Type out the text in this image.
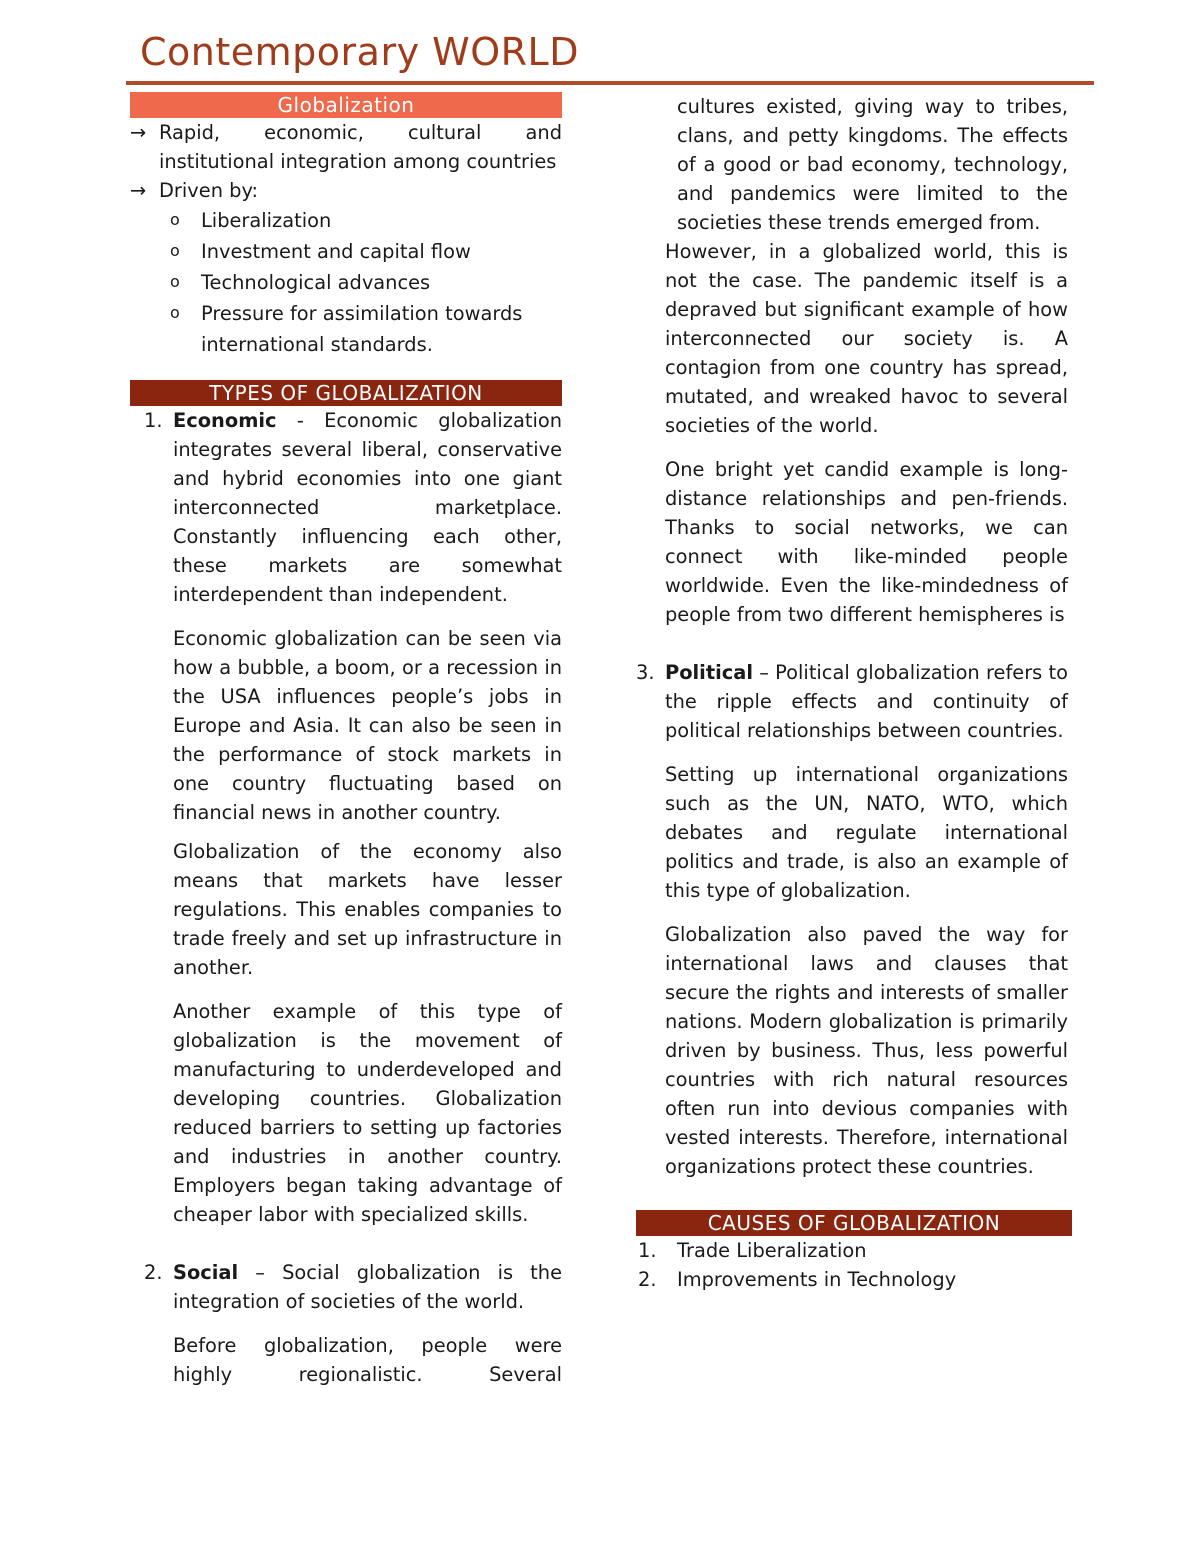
Contemporary WORLD
Globalization
→ Rapid, economic, cultural and institutional integration among countries

→ Driven by:

o Liberalization

o Investment and capital flow

o Technological advances

o Pressure for assimilation towards international standards.

TYPES OF GLOBALIZATION
1. Economic - Economic globalization integrates several liberal, conservative and hybrid economies into one giant interconnected marketplace. Constantly influencing each other, these markets are somewhat interdependent than independent.

Economic globalization can be seen via how a bubble, a boom, or a recession in the USA influences people’s jobs in Europe and Asia. It can also be seen in the performance of stock markets in one country fluctuating based on financial news in another country.

Globalization of the economy also means that markets have lesser regulations. This enables companies to trade freely and set up infrastructure in another.

Another example of this type of globalization is the movement of manufacturing to underdeveloped and developing countries. Globalization reduced barriers to setting up factories and industries in another country. Employers began taking advantage of cheaper labor with specialized skills.

2. Social – Social globalization is the integration of societies of the world.

Before globalization, people were highly regionalistic. Several

cultures existed, giving way to tribes, clans, and petty kingdoms. The effects of a good or bad economy, technology, and pandemics were limited to the societies these trends emerged from.

However, in a globalized world, this is not the case. The pandemic itself is a depraved but significant example of how interconnected our society is. A contagion from one country has spread, mutated, and wreaked havoc to several societies of the world.

One bright yet candid example is long-distance relationships and pen-friends. Thanks to social networks, we can connect with like-minded people worldwide. Even the like-mindedness of people from two different hemispheres is

3. Political – Political globalization refers to the ripple effects and continuity of political relationships between countries.

Setting up international organizations such as the UN, NATO, WTO, which debates and regulate international politics and trade, is also an example of this type of globalization.

Globalization also paved the way for international laws and clauses that secure the rights and interests of smaller nations. Modern globalization is primarily driven by business. Thus, less powerful countries with rich natural resources often run into devious companies with vested interests. Therefore, international organizations protect these countries.

CAUSES OF GLOBALIZATION
1. Trade Liberalization

2. Improvements in Technology
